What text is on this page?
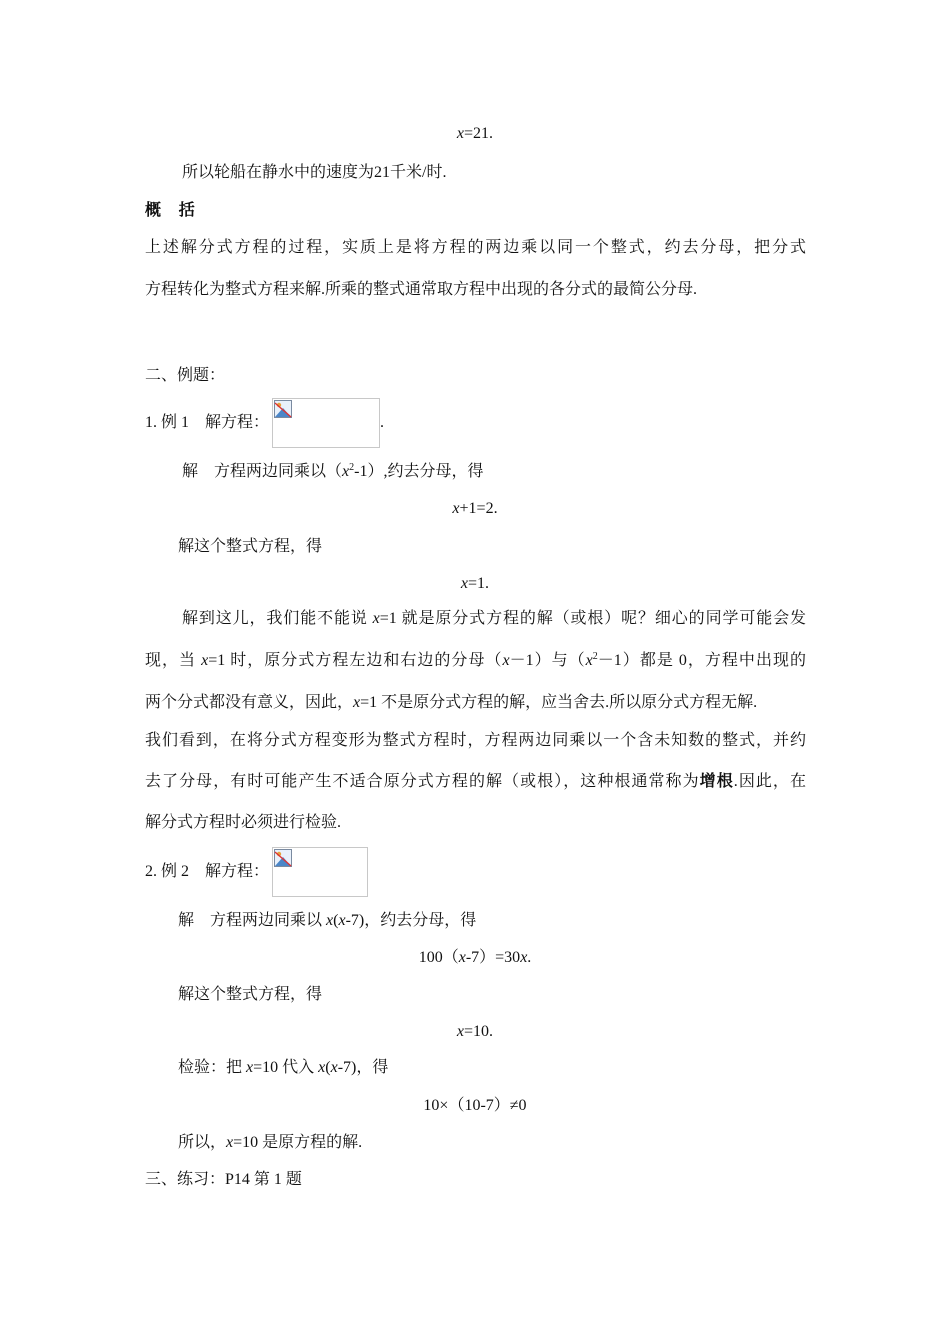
x=21.
所以轮船在静水中的速度为21千米/时.
概    括
上述解分式方程的过程，实质上是将方程的两边乘以同一个整式，约去分母，把分式
方程转化为整式方程来解.所乘的整式通常取方程中出现的各分式的最简公分母.
二、例题：
1. 例 1    解方程：	.
解    方程两边同乘以$(x^2-1)$,约去分母，得
x+1=2.
解这个整式方程，得
x=1.
解到这儿，我们能不能说 x=1 就是原分式方程的解（或根）呢？细心的同学可能会发
现，当 x=1 时，原分式方程左边和右边的分母（x－1）与$(x^2-1)$都是 0，方程中出现的
两个分式都没有意义，因此，x=1 不是原分式方程的解，应当舍去.所以原分式方程无解.
我们看到，在将分式方程变形为整式方程时，方程两边同乘以一个含未知数的整式，并约
去了分母，有时可能产生不适合原分式方程的解（或根），这种根通常称为增根.因此，在
解分式方程时必须进行检验.
2. 例 2    解方程：
解    方程两边同乘以 x(x-7)，约去分母，得
100（x-7）=30x.
解这个整式方程，得
x=10.
检验：把 x=10 代入 x(x-7)，得
10×（10-7）≠0
所以，x=10 是原方程的解.
三、练习：P14 第 1 题
